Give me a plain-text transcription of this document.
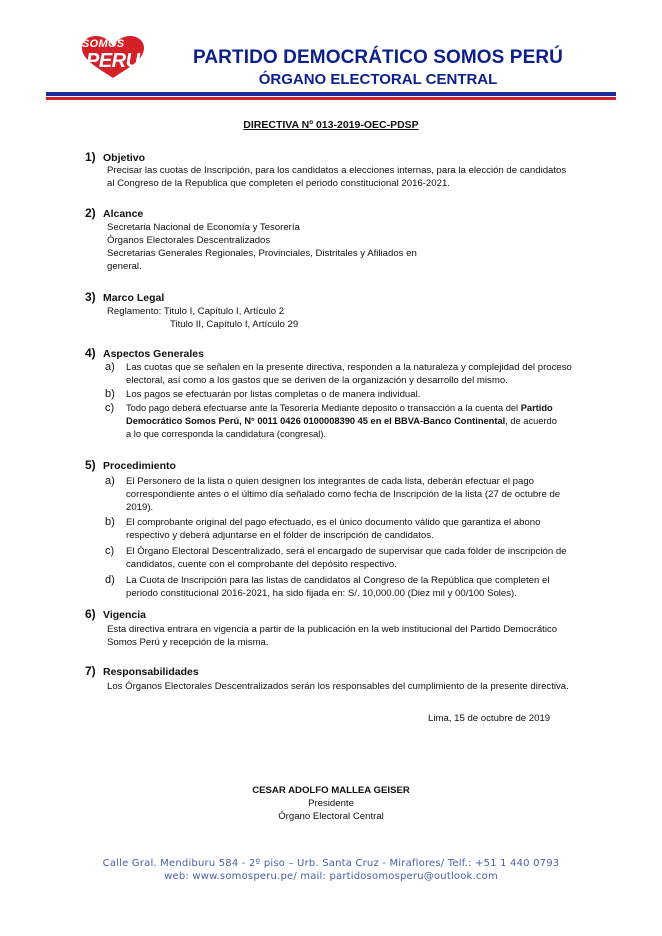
SOMOS
PERU	PARTIDO DEMOCRÁTICO SOMOS PERÚ
ÓRGANO ELECTORAL CENTRAL
DIRECTIVA Nº 013-2019-OEC-PDSP
1) Objetivo
Precisar las cuotas de Inscripción, para los candidatos a elecciones internas, para la elección de candidatos
al Congreso de la Republica que completen el periodo constitucional 2016-2021.
2) Alcance
Secretaria Nacional de Economía y Tesorería
Órganos Electorales Descentralizados
Secretarias Generales Regionales, Provinciales, Distritales y Afiliados en
general.
3) Marco Legal
Reglamento: Titulo I, Capítulo I, Artículo 2
Titulo II, Capítulo I, Artículo 29
4) Aspectos Generales
a) Las cuotas que se señalen en la presente directiva, responden a la naturaleza y complejidad del proceso
electoral, así como a los gastos que se deriven de la organización y desarrollo del mismo.
b) Los pagos se efectuarán por listas completas o de manera individual.
c) Todo pago deberá efectuarse ante la Tesorería Mediante deposito o transacción a la cuenta del Partido
Democrático Somos Perú, N° 0011 0426 0100008390 45 en el BBVA-Banco Continental, de acuerdo
a lo que corresponda la candidatura (congresal).
5) Procedimiento
a) El Personero de la lista o quien designen los integrantes de cada lista, deberán efectuar el pago
correspondiente antes o el último día señalado como fecha de Inscripción de la lista (27 de octubre de
2019).
b) El comprobante original del pago efectuado, es el único documento válido que garantiza el abono
respectivo y deberá adjuntarse en el fólder de inscripción de candidatos.
c) El Órgano Electoral Descentralizado, será el encargado de supervisar que cada fólder de inscripción de
candidatos, cuente con el comprobante del depósito respectivo.
d) La Cuota de Inscripción para las listas de candidatos al Congreso de la República que completen el
periodo constitucional 2016-2021, ha sido fijada en: S/. 10,000.00 (Diez mil y 00/100 Soles).
6) Vigencia
Esta directiva entrara en vigencia a partir de la publicación en la web institucional del Partido Democrático
Somos Perú y recepción de la misma.
7) Responsabilidades
Los Órganos Electorales Descentralizados serán los responsables del cumplimiento de la presente directiva.
Lima, 15 de octubre de 2019
CESAR ADOLFO MALLEA GEISER
Presidente
Órgano Electoral Central
Calle Gral. Mendiburu 584 - 2º piso – Urb. Santa Cruz - Miraflores/ Telf.: +51 1 440 0793
web: www.somosperu.pe/ mail: partidosomosperu@outlook.com
